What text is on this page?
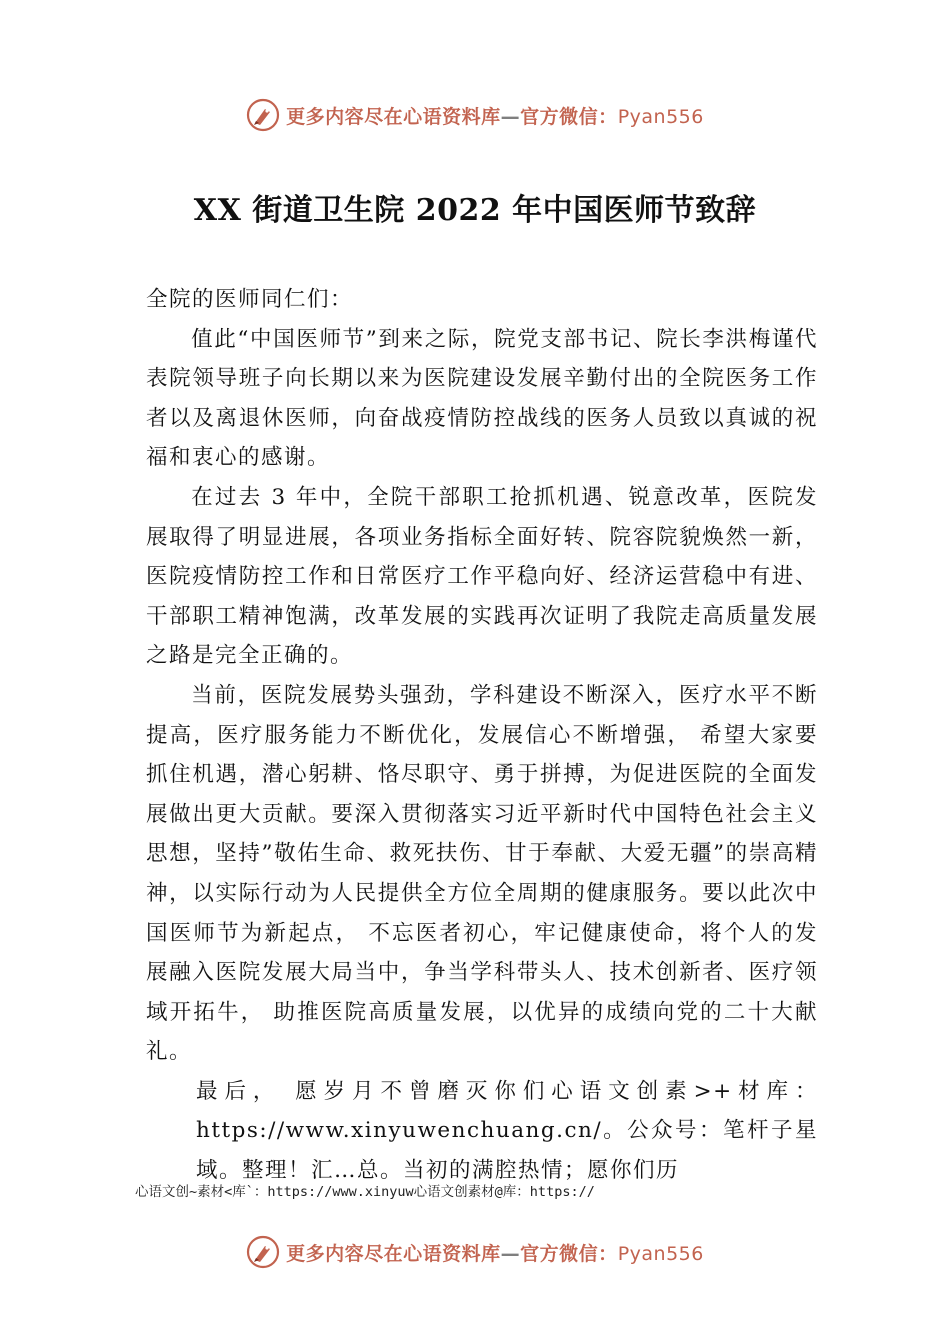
更多内容尽在心语资料库—官方微信：Pyan556
XX 街道卫生院 2022 年中国医师节致辞

全院的医师同仁们：

值此“中国医师节”到来之际，院党支部书记、院长李洪梅谨代表院领导班子向长期以来为医院建设发展辛勤付出的全院医务工作者以及离退休医师，向奋战疫情防控战线的医务人员致以真诚的祝福和衷心的感谢。

在过去 3 年中，全院干部职工抢抓机遇、锐意改革，医院发展取得了明显进展，各项业务指标全面好转、院容院貌焕然一新，医院疫情防控工作和日常医疗工作平稳向好、经济运营稳中有进、干部职工精神饱满，改革发展的实践再次证明了我院走高质量发展之路是完全正确的。

当前，医院发展势头强劲，学科建设不断深入，医疗水平不断提高，医疗服务能力不断优化，发展信心不断增强， 希望大家要抓住机遇，潜心躬耕、恪尽职守、勇于拼搏，为促进医院的全面发展做出更大贡献。要深入贯彻落实习近平新时代中国特色社会主义思想，坚持”敬佑生命、救死扶伤、甘于奉献、大爱无疆”的崇高精神，以实际行动为人民提供全方位全周期的健康服务。要以此次中国医师节为新起点， 不忘医者初心，牢记健康使命，将个人的发展融入医院发展大局当中，争当学科带头人、技术创新者、医疗领域开拓牛， 助推医院高质量发展，以优异的成绩向党的二十大献礼。

最后， 愿岁月不曾磨灭你们心语文创素>+材库：https://www.xinyuwenchuang.cn/。公众号：笔杆子星域。整理！汇…总。当初的满腔热情；愿你们历

心语文创~素材<库`：https://www.xinyuw心语文创素材@库：https://
更多内容尽在心语资料库—官方微信：Pyan556
